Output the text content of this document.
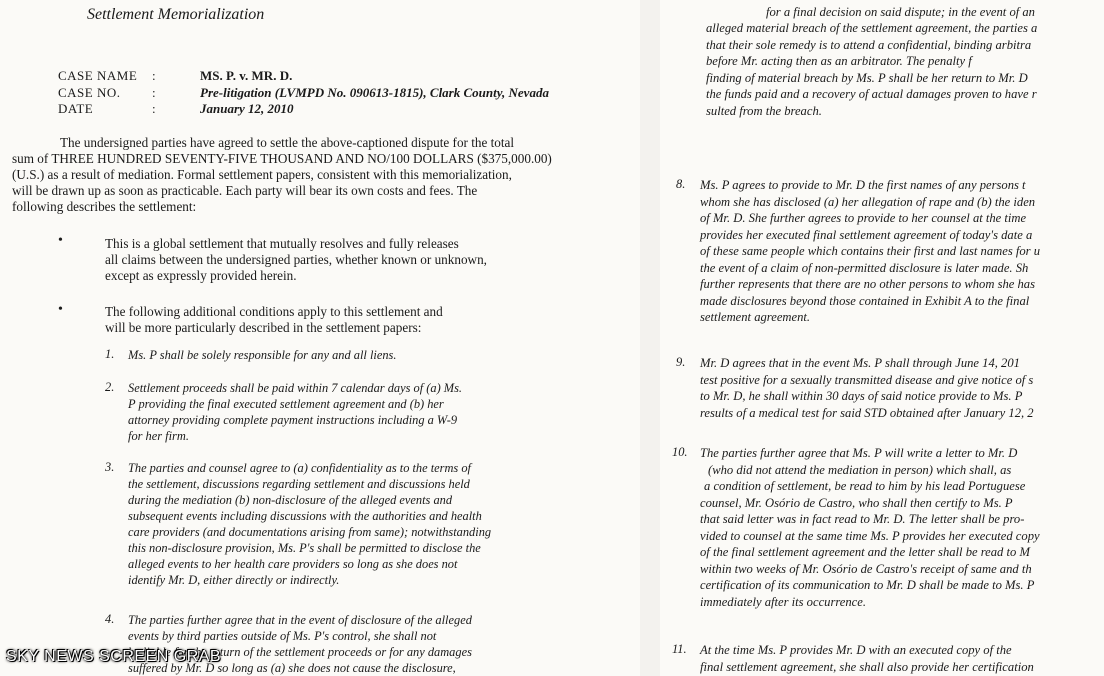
Settlement Memorialization
CASE NAME :	MS. P. v. MR. D.
CASE NO. :	Pre-litigation (LVMPD No. 090613-1815), Clark County, Nevada
DATE	:	January 12, 2010
The undersigned parties have agreed to settle the above-captioned dispute for the total
sum of THREE HUNDRED SEVENTY-FIVE THOUSAND AND NO/100 DOLLARS ($375,000.00)
(U.S.) as a result of mediation. Formal settlement papers, consistent with this memorialization,
will be drawn up as soon as practicable. Each party will bear its own costs and fees. The
following describes the settlement:
•	This is a global settlement that mutually resolves and fully releases
all claims between the undersigned parties, whether known or unknown,
except as expressly provided herein.
•	The following additional conditions apply to this settlement and
will be more particularly described in the settlement papers:
1. Ms. P shall be solely responsible for any and all liens.
2. Settlement proceeds shall be paid within 7 calendar days of (a) Ms.
P providing the final executed settlement agreement and (b) her
attorney providing complete payment instructions including a W-9
for her firm.
3. The parties and counsel agree to (a) confidentiality as to the terms of
the settlement, discussions regarding settlement and discussions held
during the mediation (b) non-disclosure of the alleged events and
subsequent events including discussions with the authorities and health
care providers (and documentations arising from same); notwithstanding
this non-disclosure provision, Ms. P's shall be permitted to disclose the
alleged events to her health care providers so long as she does not
identify Mr. D, either directly or indirectly.
4. The parties further agree that in the event of disclosure of the alleged
events by third parties outside of Ms. P's control, she shall not
be liable for the return of the settlement proceeds or for any damages
suffered by Mr. D so long as (a) she does not cause the disclosure,
for a final decision on said dispute; in the event of an
alleged material breach of the settlement agreement, the parties a
that their sole remedy is to attend a confidential, binding arbitra
before Mr. acting then as an arbitrator. The penalty f
finding of material breach by Ms. P shall be her return to Mr. D
the funds paid and a recovery of actual damages proven to have r
sulted from the breach.
8. Ms. P agrees to provide to Mr. D the first names of any persons t
whom she has disclosed (a) her allegation of rape and (b) the iden
of Mr. D. She further agrees to provide to her counsel at the time
provides her executed final settlement agreement of today's date a
of these same people which contains their first and last names for u
the event of a claim of non-permitted disclosure is later made. Sh
further represents that there are no other persons to whom she has
made disclosures beyond those contained in Exhibit A to the final
settlement agreement.
9. Mr. D agrees that in the event Ms. P shall through June 14, 201
test positive for a sexually transmitted disease and give notice of s
to Mr. D, he shall within 30 days of said notice provide to Ms. P
results of a medical test for said STD obtained after January 12, 2
10. The parties further agree that Ms. P will write a letter to Mr. D
(who did not attend the mediation in person) which shall, as
a condition of settlement, be read to him by his lead Portuguese
counsel, Mr. Osório de Castro, who shall then certify to Ms. P
that said letter was in fact read to Mr. D. The letter shall be pro-
vided to counsel at the same time Ms. P provides her executed copy
of the final settlement agreement and the letter shall be read to M
within two weeks of Mr. Osório de Castro's receipt of same and th
certification of its communication to Mr. D shall be made to Ms. P
immediately after its occurrence.
11. At the time Ms. P provides Mr. D with an executed copy of the
final settlement agreement, she shall also provide her certification
SKY NEWS SCREEN GRAB
